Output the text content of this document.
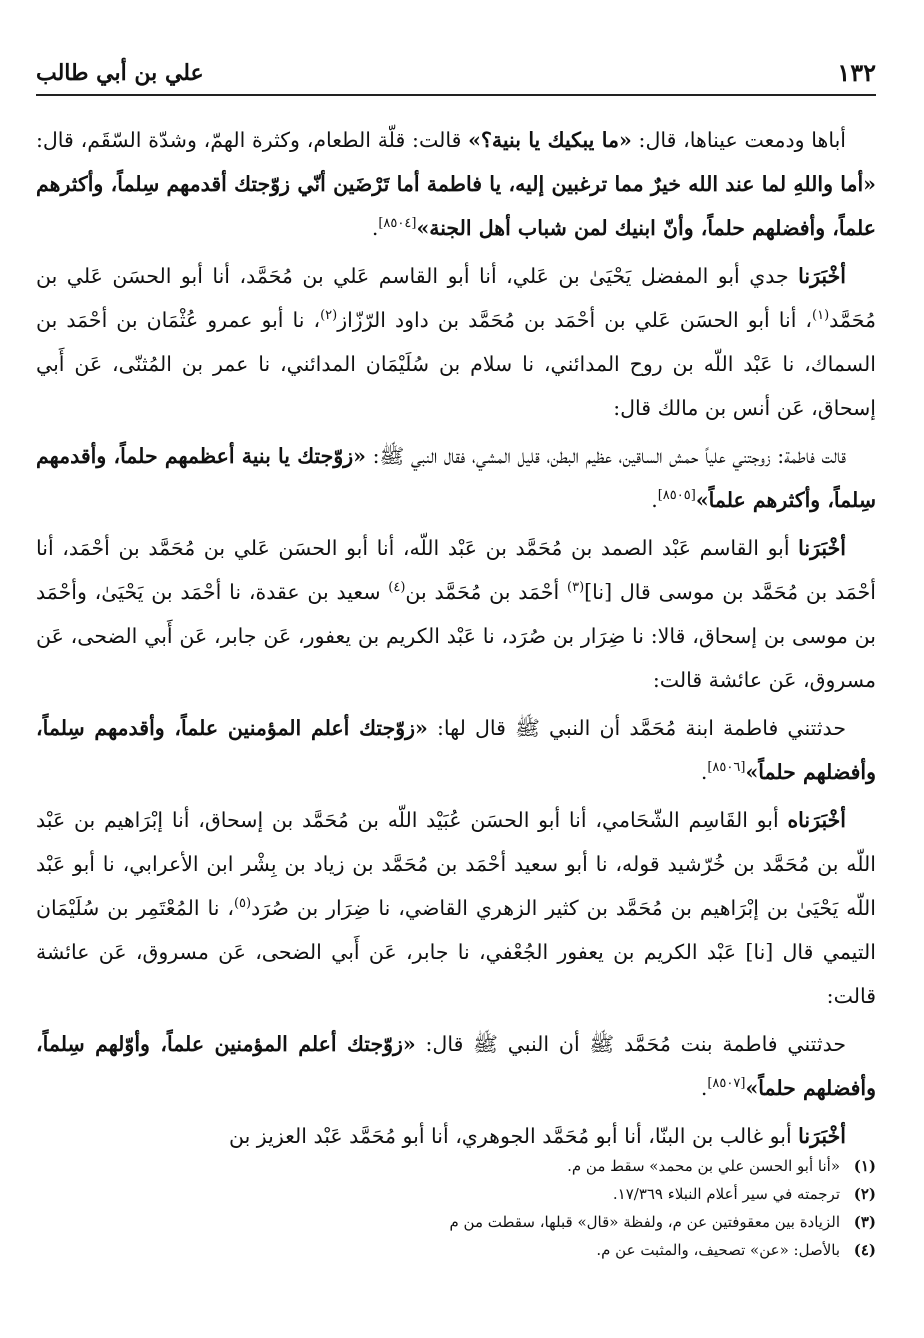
١٣٢
علي بن أبي طالب

أباها ودمعت عيناها، قال: «ما يبكيك يا بنية؟» قالت: قلّة الطعام، وكثرة الهمّ، وشدّة السّقَم، قال: «أما واللهِ لما عند الله خيرٌ مما ترغبين إليه، يا فاطمة أما تَرْضَين أنّي زوّجتك أقدمهم سِلماً، وأكثرهم علماً، وأفضلهم حلماً، وأنّ ابنيك لمن شباب أهل الجنة»[٨٥٠٤].

أخْبَرَنا جدي أبو المفضل يَحْيَىٰ بن عَلي، أنا أبو القاسم عَلي بن مُحَمَّد، أنا أبو الحسَن عَلي بن مُحَمَّد$^{(١)}$، أنا أبو الحسَن عَلي بن أحْمَد بن مُحَمَّد بن داود الرّزّاز$^{(٢)}$، نا أبو عمرو عُثْمَان بن أحْمَد بن السماك، نا عَبْد اللّه بن روح المدائني، نا سلام بن سُلَيْمَان المدائني، نا عمر بن المُثنّى، عَن أَبي إسحاق، عَن أنس بن مالك قال:

قالت فاطمة: زوجتني علياً حمش الساقين، عظيم البطن، قليل المشي، فقال النبي ﷺ: «زوّجتك يا بنية أعظمهم حلماً، وأقدمهم سِلماً، وأكثرهم علماً»[٨٥٠٥].

أخْبَرَنا أبو القاسم عَبْد الصمد بن مُحَمَّد بن عَبْد اللّه، أنا أبو الحسَن عَلي بن مُحَمَّد بن أحْمَد، أنا أحْمَد بن مُحَمَّد بن موسى قال [نا]$^{(٣)}$ أحْمَد بن مُحَمَّد بن$^{(٤)}$ سعيد بن عقدة، نا أحْمَد بن يَحْيَىٰ، وأحْمَد بن موسى بن إسحاق، قالا: نا ضِرَار بن صُرَد، نا عَبْد الكريم بن يعفور، عَن جابر، عَن أَبي الضحى، عَن مسروق، عَن عائشة قالت:

حدثتني فاطمة ابنة مُحَمَّد أن النبي ﷺ قال لها: «زوّجتك أعلم المؤمنين علماً، وأقدمهم سِلماً، وأفضلهم حلماً»[٨٥٠٦].

أخْبَرَناه أبو القَاسِم الشّحَامي، أنا أبو الحسَن عُبَيْد اللّه بن مُحَمَّد بن إسحاق، أنا إبْرَاهيم بن عَبْد اللّه بن مُحَمَّد بن خُرّشيد قوله، نا أبو سعيد أحْمَد بن مُحَمَّد بن زياد بن بِشْر ابن الأعرابي، نا أبو عَبْد اللّه يَحْيَىٰ بن إبْرَاهيم بن مُحَمَّد بن كثير الزهري القاضي، نا ضِرَار بن صُرَد$^{(٥)}$، نا المُعْتَمِر بن سُلَيْمَان التيمي قال [نا] عَبْد الكريم بن يعفور الجُعْفي، نا جابر، عَن أَبي الضحى، عَن مسروق، عَن عائشة قالت:

حدثتني فاطمة بنت مُحَمَّد ﷺ أن النبي ﷺ قال: «زوّجتك أعلم المؤمنين علماً، وأوّلهم سِلماً، وأفضلهم حلماً»[٨٥٠٧].

أخْبَرَنا أبو غالب بن البنّا، أنا أبو مُحَمَّد الجوهري، أنا أبو مُحَمَّد عَبْد العزيز بن

(١)«أنا أبو الحسن علي بن محمد» سقط من م.
(٢)ترجمته في سير أعلام النبلاء ١٧/٣٦٩.
(٣)الزيادة بين معقوفتين عن م، ولفظة «قال» قبلها، سقطت من م
(٤)بالأصل: «عن» تصحيف، والمثبت عن م.
